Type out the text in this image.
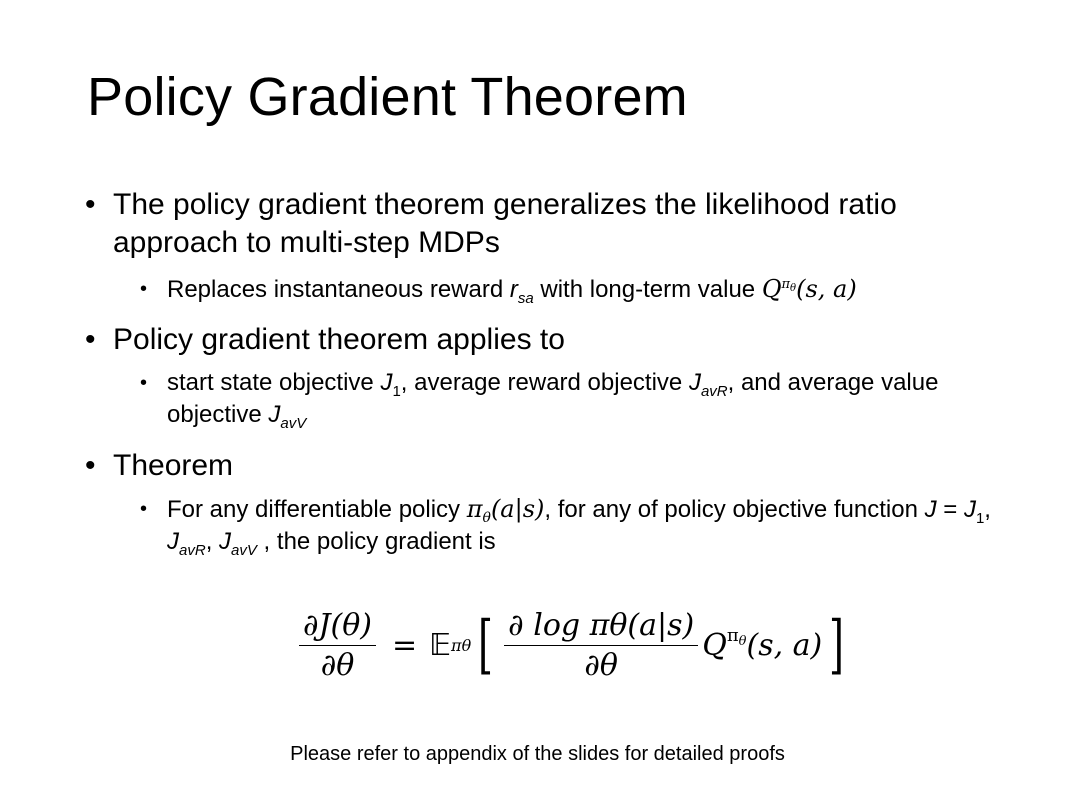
Policy Gradient Theorem
• The policy gradient theorem generalizes the likelihood ratio approach to multi-step MDPs
• Replaces instantaneous reward $r_{sa}$ with long-term value $Q^{\pi_\theta}(s$, a)
• Policy gradient theorem applies to
• start state objective $J_1$, average reward objective $J_{avR}$, and average value objective $J_{avV}$
• Theorem
• For any differentiable policy $\pi_\theta(a|s)$, for any of policy objective function $J = J_1$, $J_{avR}$, $J_{avV}$ , the policy gradient is
$\frac{\partial J(\theta)}{\partial\theta}$ = 𝔼 πθ [ $\frac{\text{∂ log πθ(a|s)}}{\partial\theta} Q^{\pi_\theta}(s$, a) ]
Please refer to appendix of the slides for detailed proofs
